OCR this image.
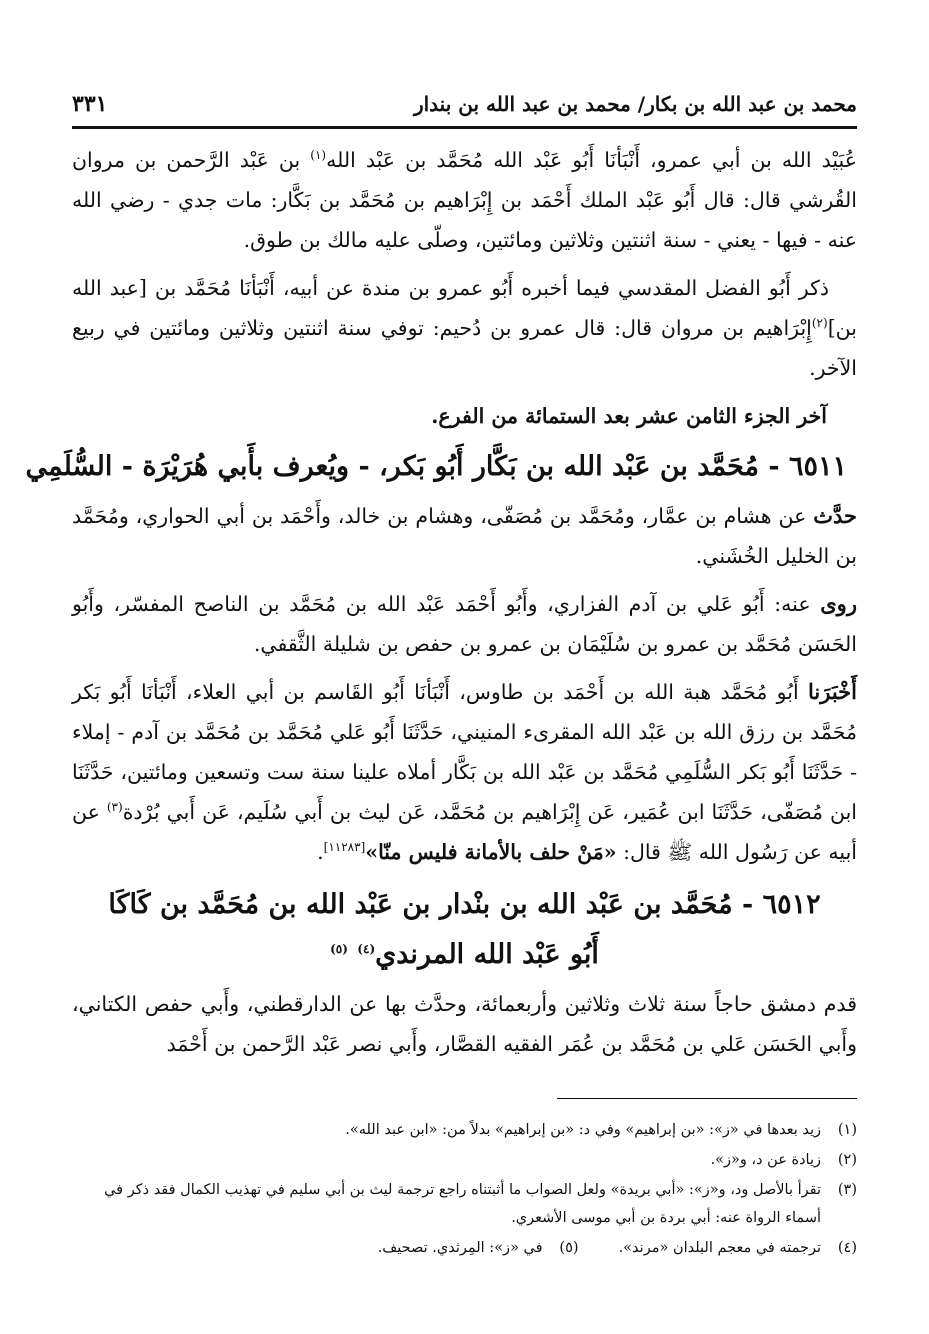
محمد بن عبد الله بن بكار/ محمد بن عبد الله بن بندار
٣٣١

عُبَيْد الله بن أبي عمرو، أَنْبَأنَا أَبُو عَبْد الله مُحَمَّد بن عَبْد الله$^{(١)}$ بن عَبْد الرَّحمن بن مروان القُرشي قال: قال أَبُو عَبْد الملك أَحْمَد بن إِبْرَاهيم بن مُحَمَّد بن بَكَّار: مات جدي - رضي الله عنه - فيها - يعني - سنة اثنتين وثلاثين ومائتين، وصلّى عليه مالك بن طوق.

ذكر أَبُو الفضل المقدسي فيما أخبره أَبُو عمرو بن مندة عن أبيه، أَنْبَأنَا مُحَمَّد بن [عبد الله بن]$^{(٢)}$إِبْرَاهيم بن مروان قال: قال عمرو بن دُحيم: توفي سنة اثنتين وثلاثين ومائتين في ربيع الآخر.

آخر الجزء الثامن عشر بعد الستمائة من الفرع.

٦٥١١ - مُحَمَّد بن عَبْد الله بن بَكَّار أَبُو بَكر، - ويُعرف بأَبي هُرَيْرَة - السُّلَمِي

حدَّث عن هشام بن عمَّار، ومُحَمَّد بن مُصَفّى، وهشام بن خالد، وأَحْمَد بن أبي الحواري، ومُحَمَّد بن الخليل الخُشَني.

روى عنه: أَبُو عَلي بن آدم الفزاري، وأَبُو أَحْمَد عَبْد الله بن مُحَمَّد بن الناصح المفسّر، وأَبُو الحَسَن مُحَمَّد بن عمرو بن سُلَيْمَان بن عمرو بن حفص بن شليلة الثَّقفي.

أَخْبَرَنا أَبُو مُحَمَّد هبة الله بن أَحْمَد بن طاوس، أَنْبَأنَا أَبُو القَاسم بن أبي العلاء، أَنْبَأنَا أَبُو بَكر مُحَمَّد بن رزق الله بن عَبْد الله المقرىء المنيني، حَدَّثَنَا أَبُو عَلي مُحَمَّد بن مُحَمَّد بن آدم - إملاء - حَدَّثَنَا أَبُو بَكر السُّلَمِي مُحَمَّد بن عَبْد الله بن بَكَّار أملاه علينا سنة ست وتسعين ومائتين، حَدَّثَنَا ابن مُصَفّى، حَدَّثَنَا ابن عُمَير، عَن إِبْرَاهيم بن مُحَمَّد، عَن ليث بن أَبي سُلَيم، عَن أَبي بُرْدة$^{(٣)}$ عن أبيه عن رَسُول الله ﷺ قال: «مَنْ حلف بالأمانة فليس منّا»[١١٢٨٣].

٦٥١٢ - مُحَمَّد بن عَبْد الله بن بنْدار بن عَبْد الله بن مُحَمَّد بن كَاكَا
أَبُو عَبْد الله المرندي$^{(٤)}$ $^{(٥)}$

قدم دمشق حاجاً سنة ثلاث وثلاثين وأربعمائة، وحدَّث بها عن الدارقطني، وأَبي حفص الكتاني، وأَبي الحَسَن عَلي بن مُحَمَّد بن عُمَر الفقيه القصَّار، وأَبي نصر عَبْد الرَّحمن بن أَحْمَد

(١)
زيد بعدها في «ز»: «بن إبراهيم» وفي د: «بن إبراهيم» بدلاً من: «ابن عبد الله».
(٢)
زيادة عن د، و«ز».
(٣)
تقرأ بالأصل ود، و«ز»: «أبي بريدة» ولعل الصواب ما أثبتناه راجع ترجمة ليث بن أبي سليم في تهذيب الكمال فقد ذكر في أسماء الرواة عنه: أبي بردة بن أبي موسى الأشعري.
(٤)
ترجمته في معجم البلدان «مرند».
(٥)
في «ز»: المِرثدي. تصحيف.
